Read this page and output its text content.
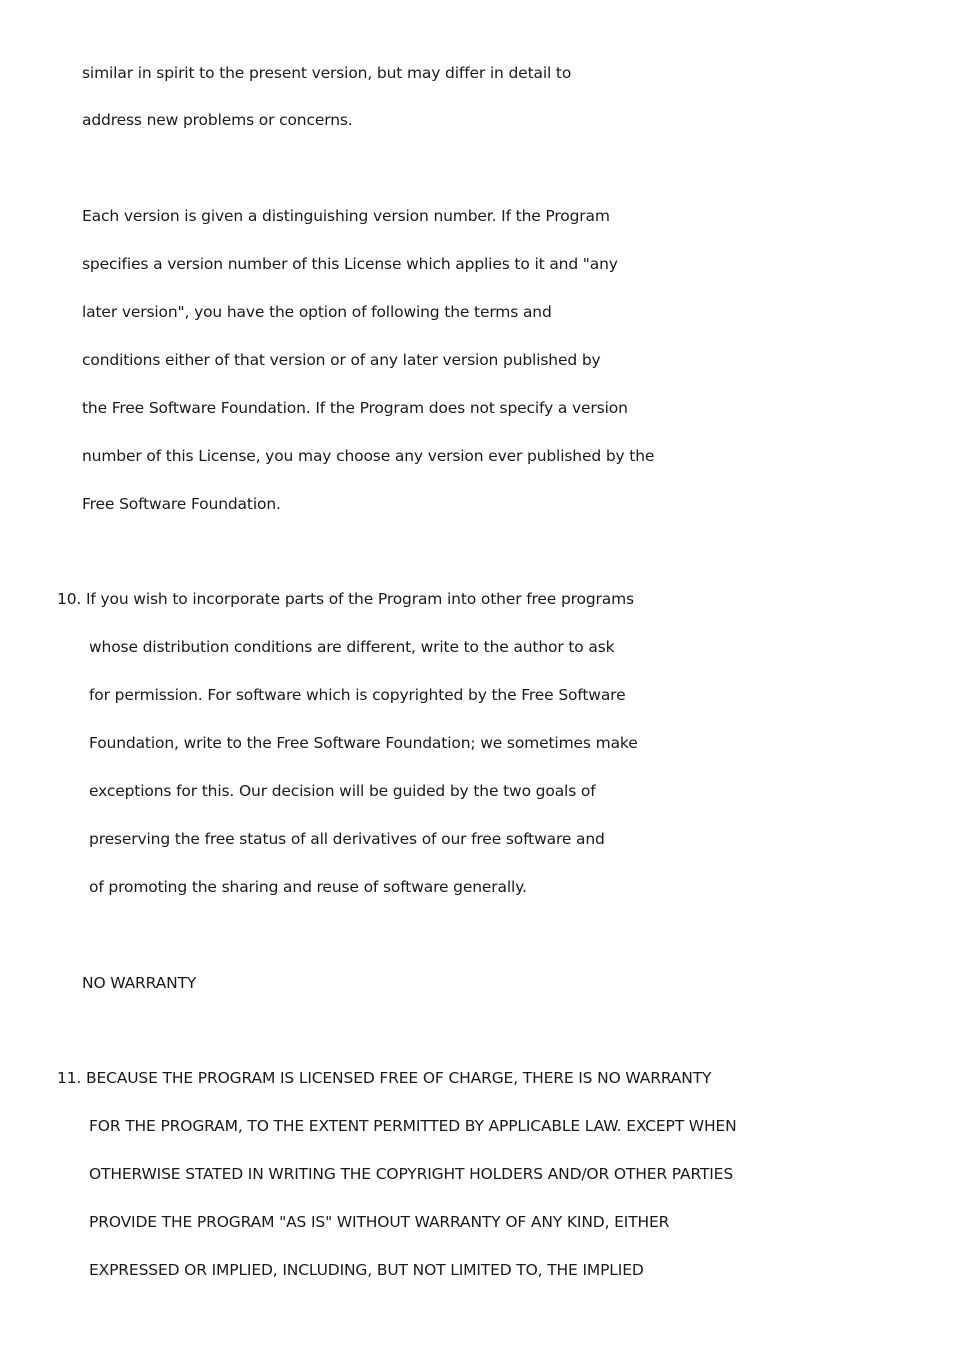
similar in spirit to the present version, but may differ in detail to
address new problems or concerns.
Each version is given a distinguishing version number. If the Program
specifies a version number of this License which applies to it and "any
later version", you have the option of following the terms and
conditions either of that version or of any later version published by
the Free Software Foundation. If the Program does not specify a version
number of this License, you may choose any version ever published by the
Free Software Foundation.
10. If you wish to incorporate parts of the Program into other free programs
whose distribution conditions are different, write to the author to ask
for permission. For software which is copyrighted by the Free Software
Foundation, write to the Free Software Foundation; we sometimes make
exceptions for this. Our decision will be guided by the two goals of
preserving the free status of all derivatives of our free software and
of promoting the sharing and reuse of software generally.
NO WARRANTY
11. BECAUSE THE PROGRAM IS LICENSED FREE OF CHARGE, THERE IS NO WARRANTY
FOR THE PROGRAM, TO THE EXTENT PERMITTED BY APPLICABLE LAW. EXCEPT WHEN
OTHERWISE STATED IN WRITING THE COPYRIGHT HOLDERS AND/OR OTHER PARTIES
PROVIDE THE PROGRAM "AS IS" WITHOUT WARRANTY OF ANY KIND, EITHER
EXPRESSED OR IMPLIED, INCLUDING, BUT NOT LIMITED TO, THE IMPLIED
